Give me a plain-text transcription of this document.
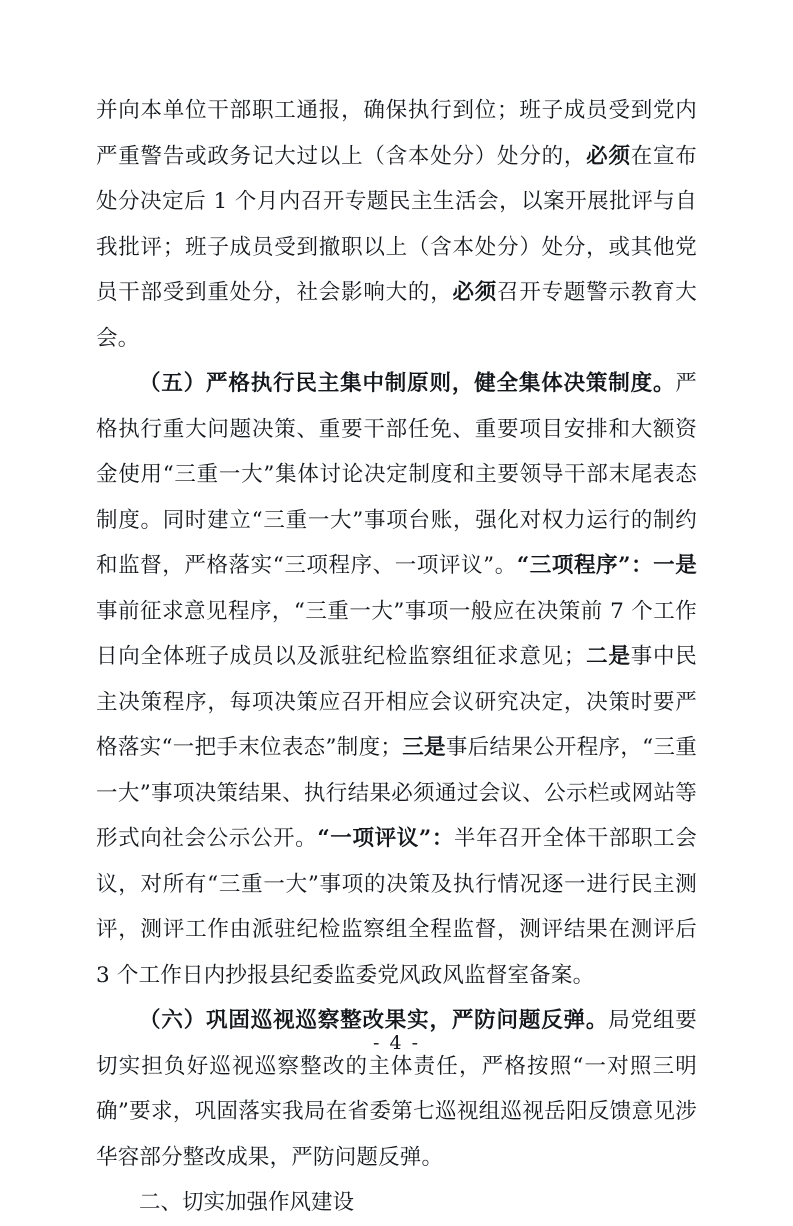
并向本单位干部职工通报，确保执行到位；班子成员受到党内严重警告或政务记大过以上（含本处分）处分的，必须在宣布处分决定后 1 个月内召开专题民主生活会，以案开展批评与自我批评；班子成员受到撤职以上（含本处分）处分，或其他党员干部受到重处分，社会影响大的，必须召开专题警示教育大会。

（五）严格执行民主集中制原则，健全集体决策制度。严格执行重大问题决策、重要干部任免、重要项目安排和大额资金使用“三重一大”集体讨论决定制度和主要领导干部末尾表态制度。同时建立“三重一大”事项台账，强化对权力运行的制约和监督，严格落实“三项程序、一项评议”。“三项程序”：一是事前征求意见程序，“三重一大”事项一般应在决策前 7 个工作日向全体班子成员以及派驻纪检监察组征求意见；二是事中民主决策程序，每项决策应召开相应会议研究决定，决策时要严格落实“一把手末位表态”制度；三是事后结果公开程序，“三重一大”事项决策结果、执行结果必须通过会议、公示栏或网站等形式向社会公示公开。“一项评议”：半年召开全体干部职工会议，对所有“三重一大”事项的决策及执行情况逐一进行民主测评，测评工作由派驻纪检监察组全程监督，测评结果在测评后 3 个工作日内抄报县纪委监委党风政风监督室备案。

（六）巩固巡视巡察整改果实，严防问题反弹。局党组要切实担负好巡视巡察整改的主体责任，严格按照“一对照三明确”要求，巩固落实我局在省委第七巡视组巡视岳阳反馈意见涉华容部分整改成果，严防问题反弹。

二、切实加强作风建设

- 4 -
